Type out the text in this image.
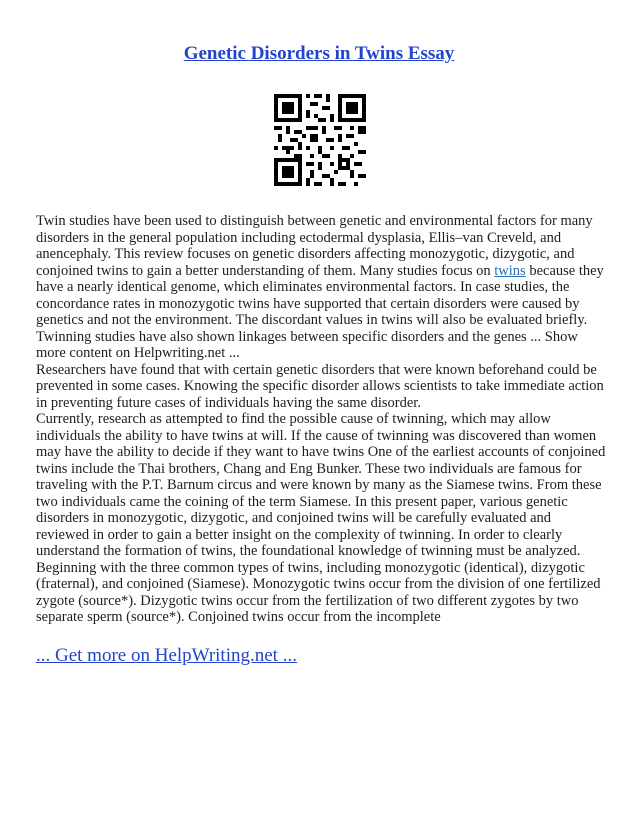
Genetic Disorders in Twins Essay

Twin studies have been used to distinguish between genetic and environmental factors for many disorders in the general population including ectodermal dysplasia, Ellis–van Creveld, and anencephaly. This review focuses on genetic disorders affecting monozygotic, dizygotic, and conjoined twins to gain a better understanding of them. Many studies focus on twins because they have a nearly identical genome, which eliminates environmental factors. In case studies, the concordance rates in monozygotic twins have supported that certain disorders were caused by genetics and not the environment. The discordant values in twins will also be evaluated briefly. Twinning studies have also shown linkages between specific disorders and the genes ... Show more content on Helpwriting.net ...

Researchers have found that with certain genetic disorders that were known beforehand could be prevented in some cases. Knowing the specific disorder allows scientists to take immediate action in preventing future cases of individuals having the same disorder.

Currently, research as attempted to find the possible cause of twinning, which may allow individuals the ability to have twins at will. If the cause of twinning was discovered than women may have the ability to decide if they want to have twins One of the earliest accounts of conjoined twins include the Thai brothers, Chang and Eng Bunker. These two individuals are famous for traveling with the P.T. Barnum circus and were known by many as the Siamese twins. From these two individuals came the coining of the term Siamese. In this present paper, various genetic disorders in monozygotic, dizygotic, and conjoined twins will be carefully evaluated and reviewed in order to gain a better insight on the complexity of twinning. In order to clearly understand the formation of twins, the foundational knowledge of twinning must be analyzed. Beginning with the three common types of twins, including monozygotic (identical), dizygotic (fraternal), and conjoined (Siamese). Monozygotic twins occur from the division of one fertilized zygote (source*). Dizygotic twins occur from the fertilization of two different zygotes by two separate sperm (source*). Conjoined twins occur from the incomplete

... Get more on HelpWriting.net ...
